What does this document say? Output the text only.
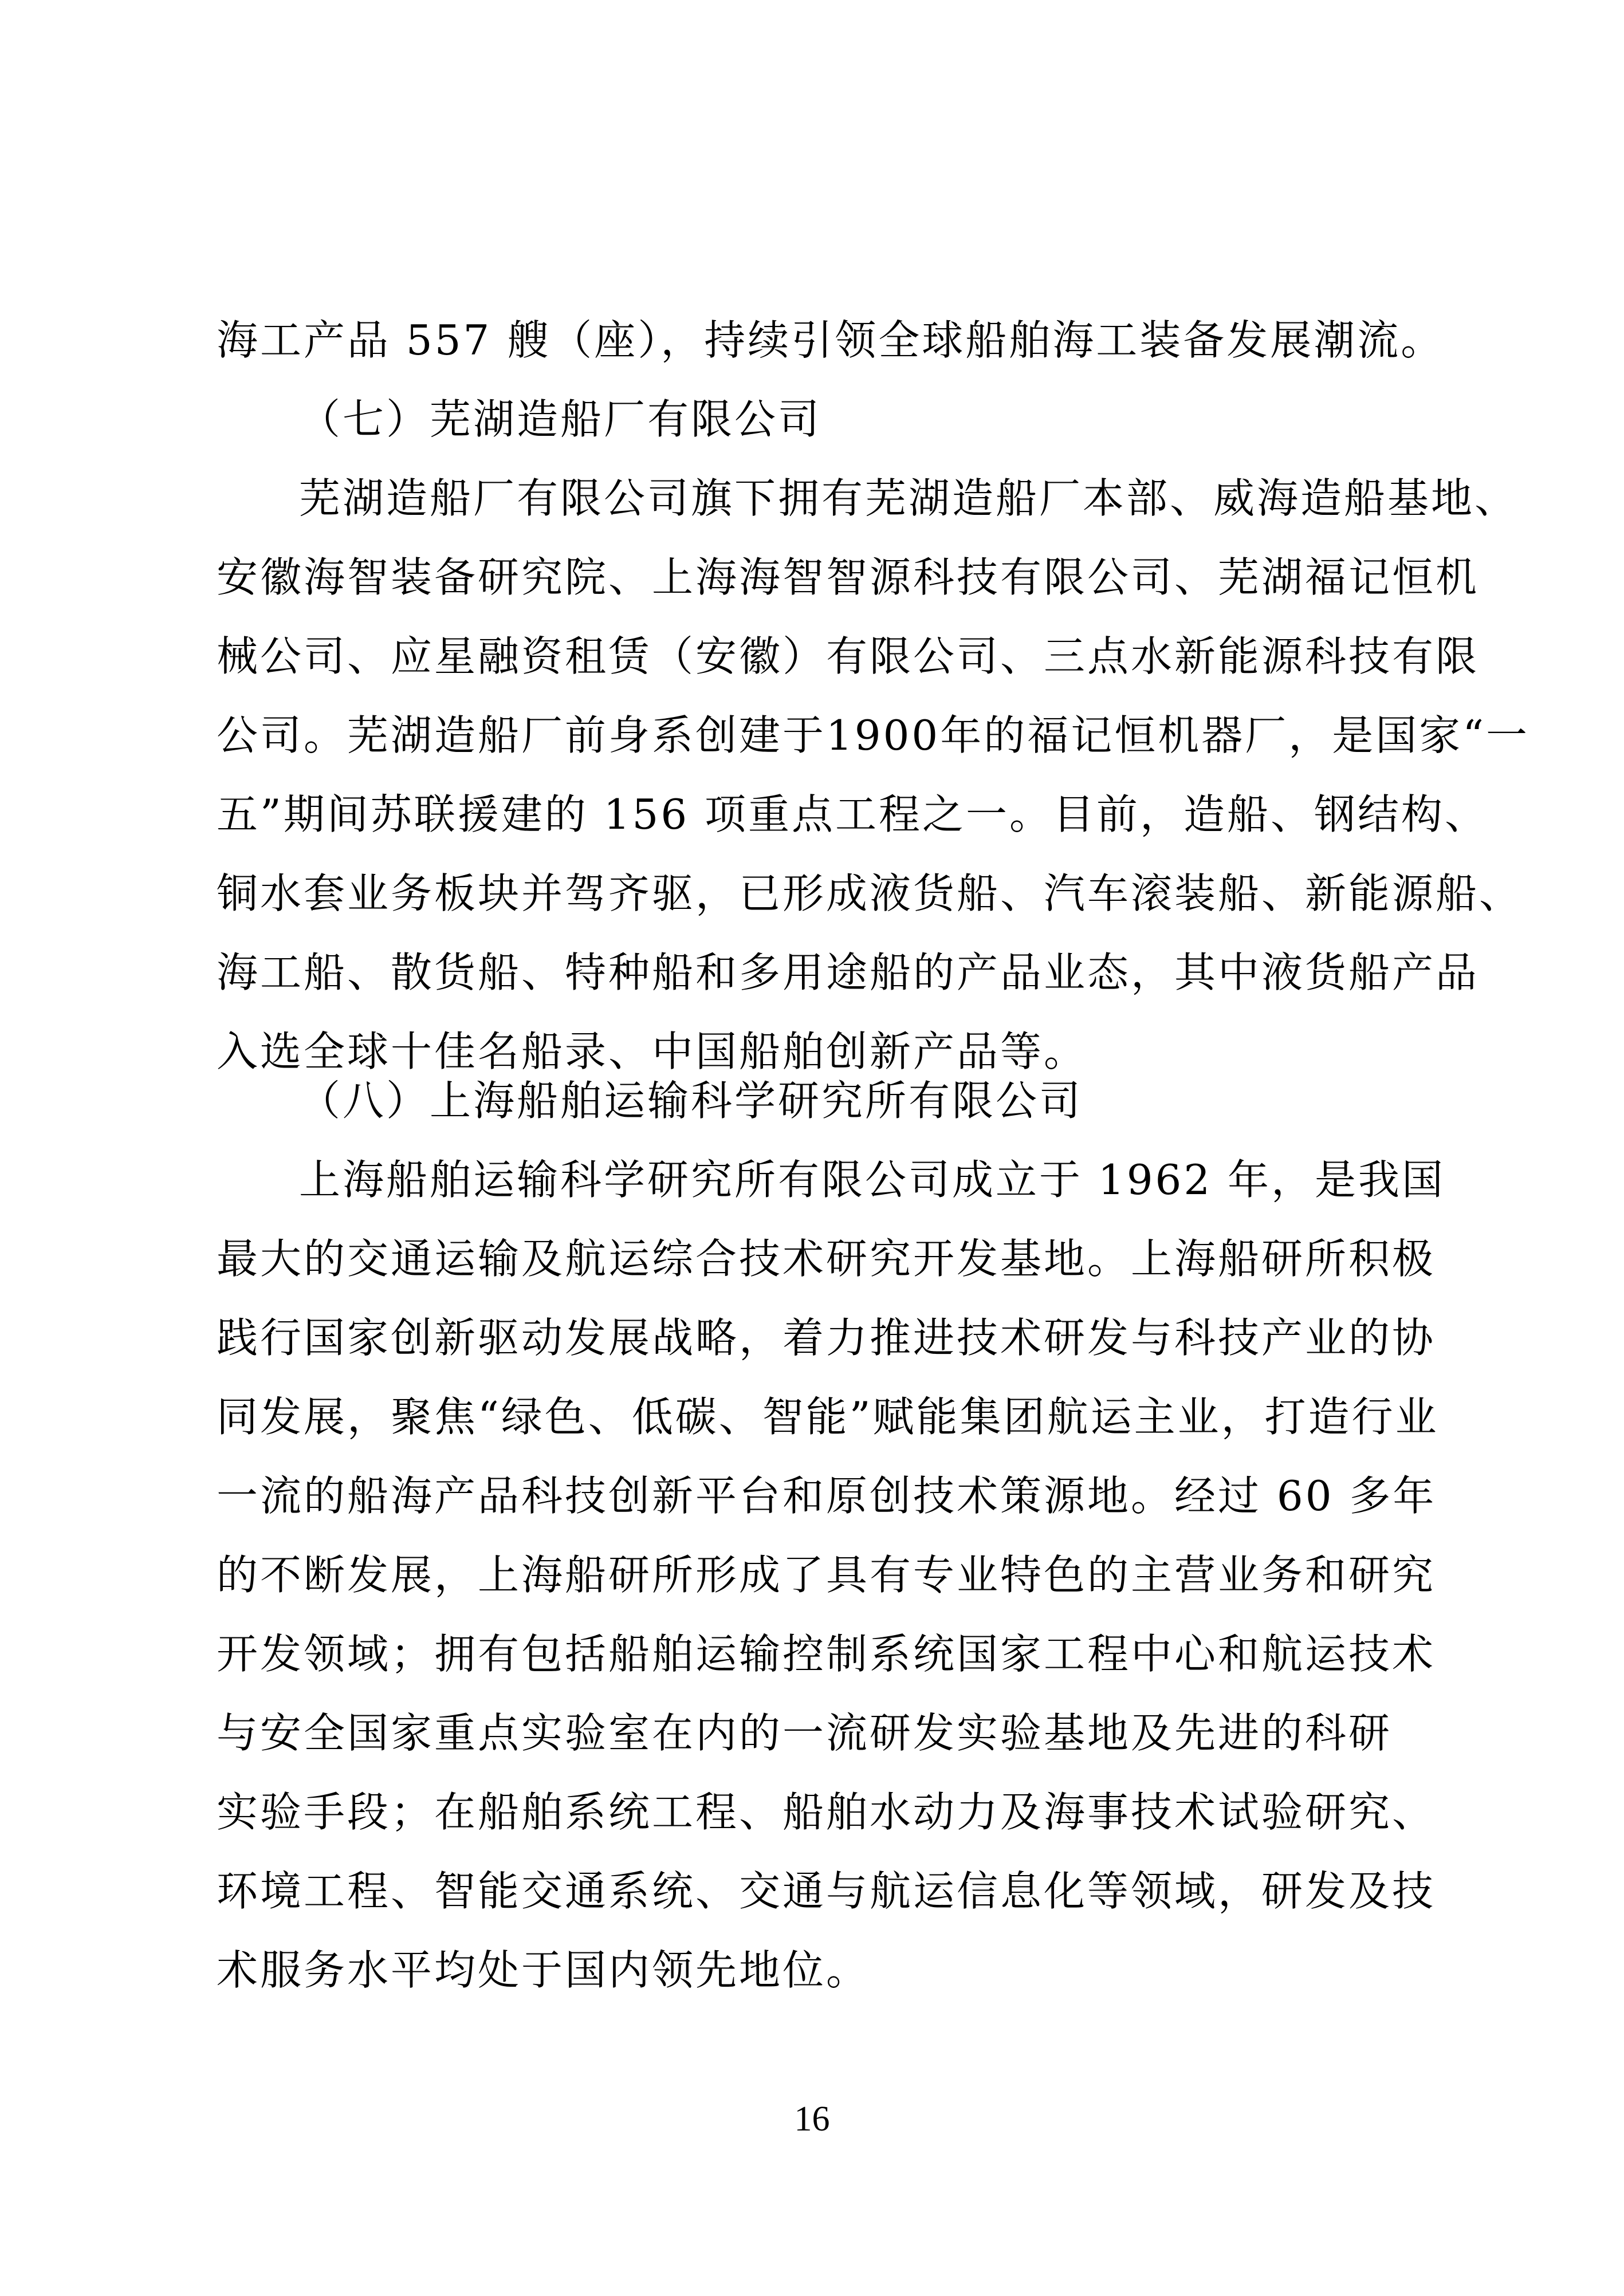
海工产品 557 艘（座），持续引领全球船舶海工装备发展潮流。
（七）芜湖造船厂有限公司
芜湖造船厂有限公司旗下拥有芜湖造船厂本部、威海造船基地、
安徽海智装备研究院、上海海智智源科技有限公司、芜湖福记恒机
械公司、应星融资租赁（安徽）有限公司、三点水新能源科技有限
公司。芜湖造船厂前身系创建于1900年的福记恒机器厂，是国家“一
五”期间苏联援建的 156 项重点工程之一。目前，造船、钢结构、
铜水套业务板块并驾齐驱，已形成液货船、汽车滚装船、新能源船、
海工船、散货船、特种船和多用途船的产品业态，其中液货船产品
入选全球十佳名船录、中国船舶创新产品等。
（八）上海船舶运输科学研究所有限公司
上海船舶运输科学研究所有限公司成立于 1962 年，是我国
最大的交通运输及航运综合技术研究开发基地。上海船研所积极
践行国家创新驱动发展战略，着力推进技术研发与科技产业的协
同发展，聚焦“绿色、低碳、智能”赋能集团航运主业，打造行业
一流的船海产品科技创新平台和原创技术策源地。经过 60 多年
的不断发展，上海船研所形成了具有专业特色的主营业务和研究
开发领域；拥有包括船舶运输控制系统国家工程中心和航运技术
与安全国家重点实验室在内的一流研发实验基地及先进的科研
实验手段；在船舶系统工程、船舶水动力及海事技术试验研究、
环境工程、智能交通系统、交通与航运信息化等领域，研发及技
术服务水平均处于国内领先地位。
16
